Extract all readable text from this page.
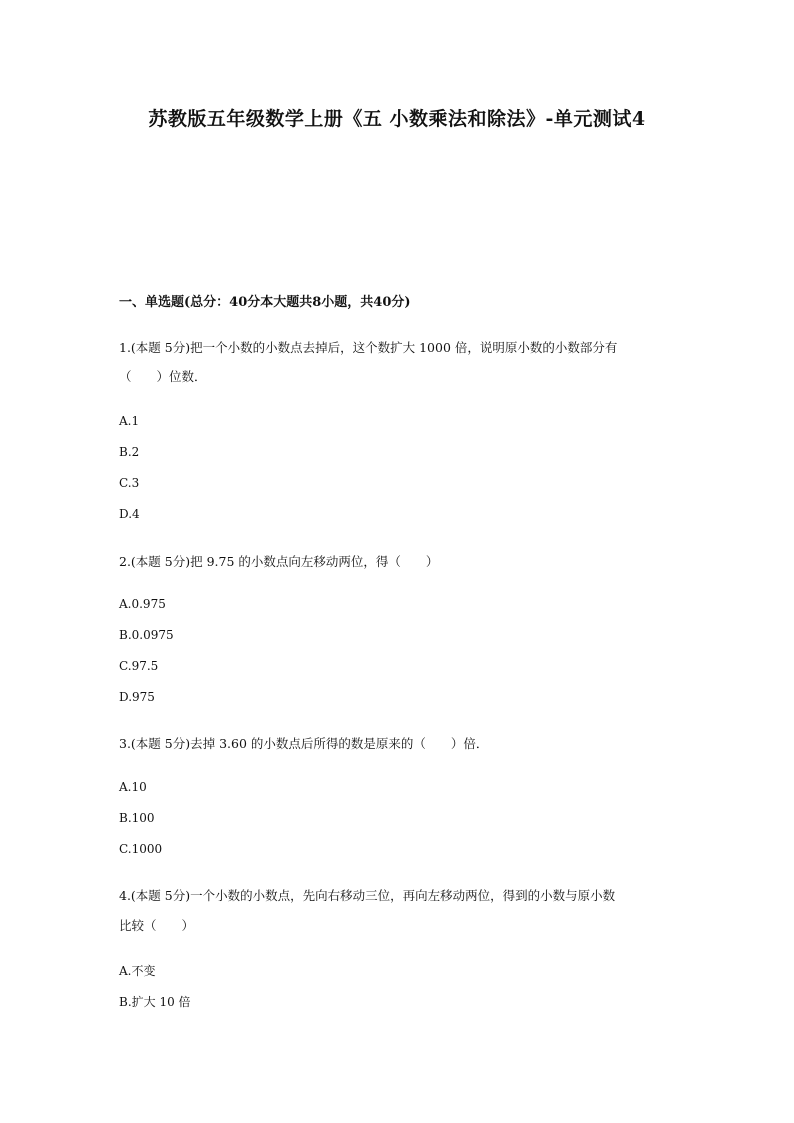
苏教版五年级数学上册《五 小数乘法和除法》-单元测试4
一、单选题(总分：40分本大题共8小题，共40分)
1.(本题 5分)把一个小数的小数点去掉后，这个数扩大 1000 倍，说明原小数的小数部分有
（　　）位数．
A.1
B.2
C.3
D.4
2.(本题 5分)把 9.75 的小数点向左移动两位，得（　　）
A.0.975
B.0.0975
C.97.5
D.975
3.(本题 5分)去掉 3.60 的小数点后所得的数是原来的（　　）倍．
A.10
B.100
C.1000
4.(本题 5分)一个小数的小数点，先向右移动三位，再向左移动两位，得到的小数与原小数
比较（　　）
A.不变
B.扩大 10 倍
